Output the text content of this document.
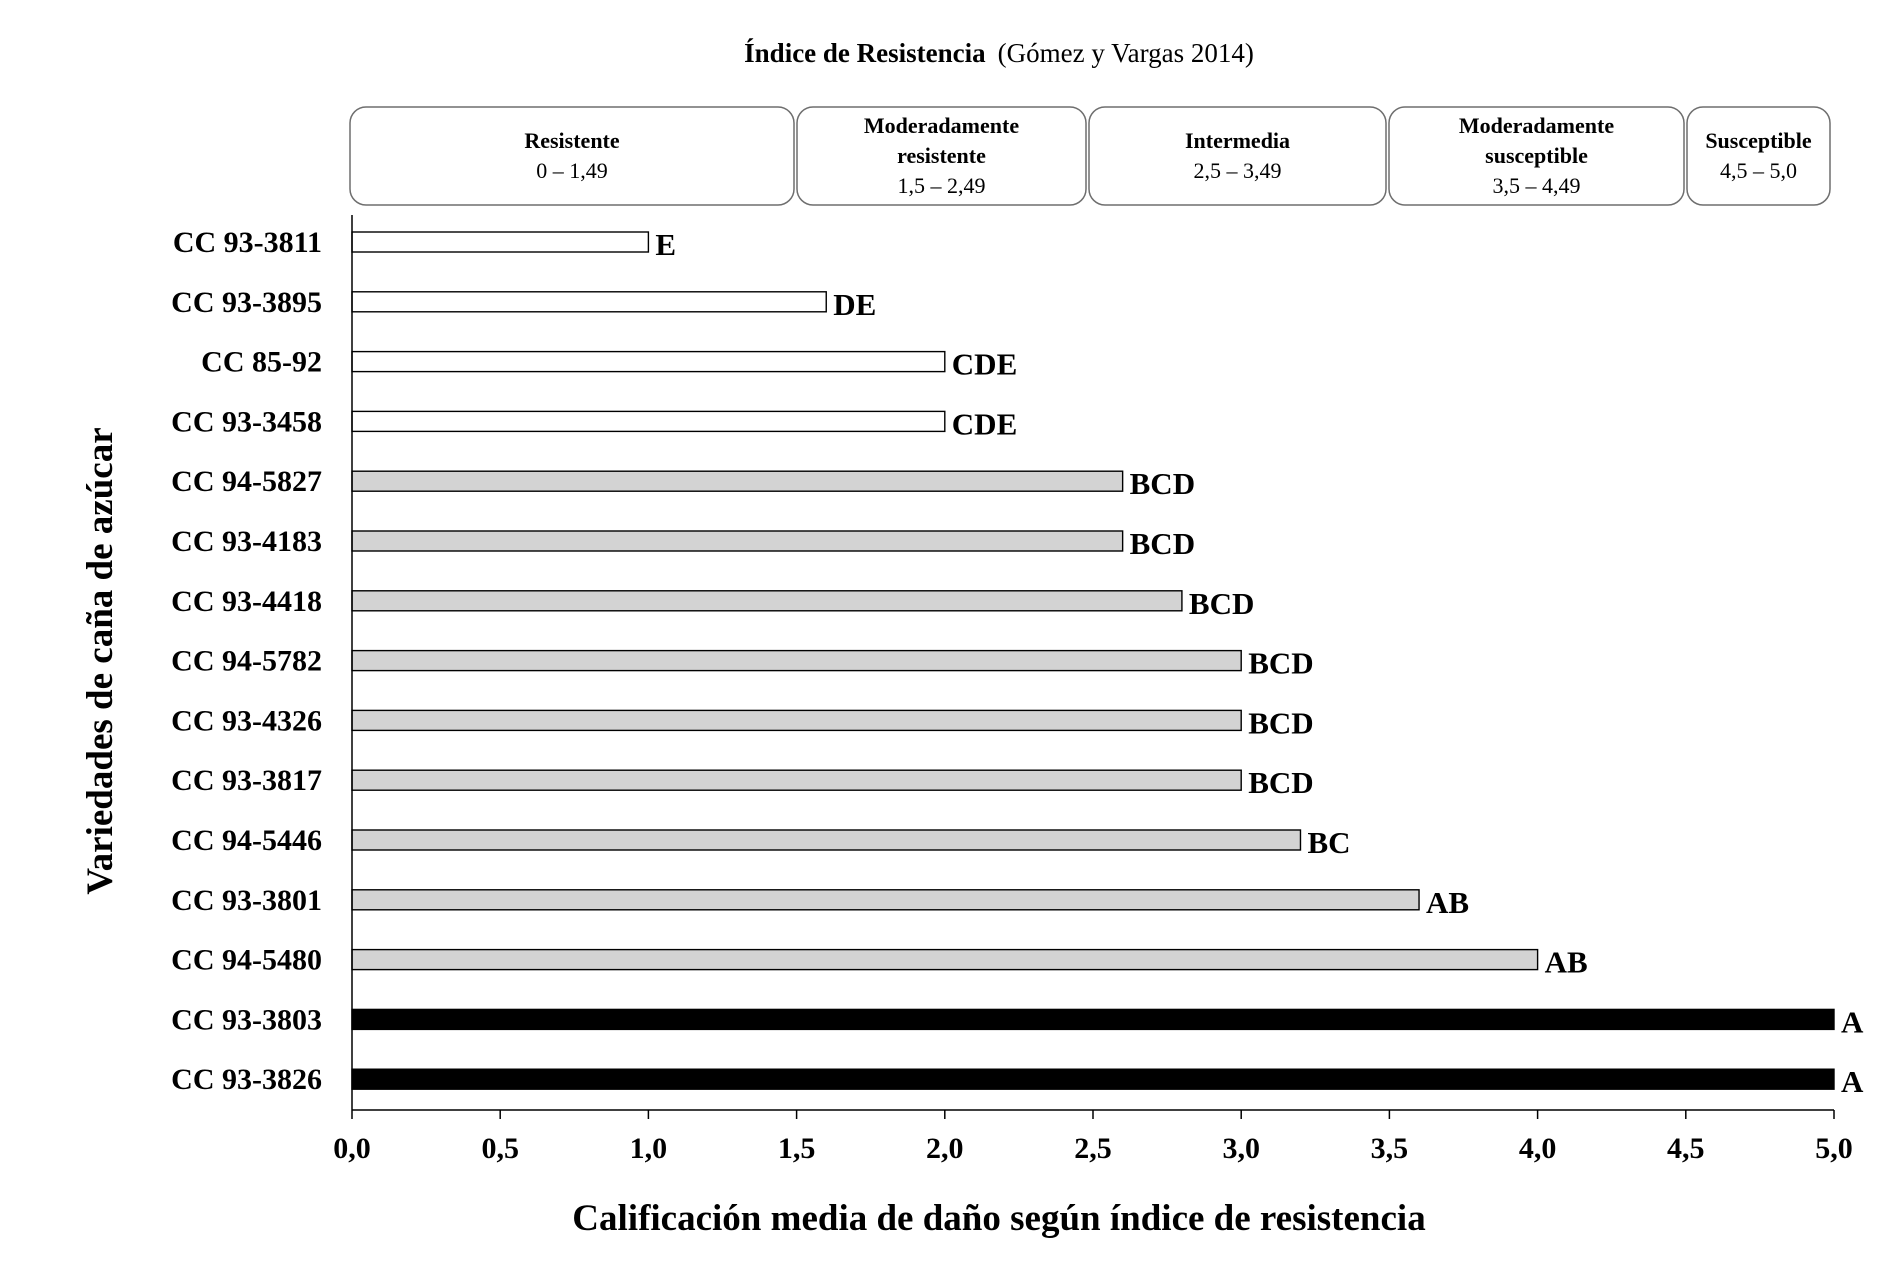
Índice de Resistencia (Gómez y Vargas 2014)
Resistente
0 – 1,49
Moderadamente
resistente
1,5 – 2,49
Intermedia
2,5 – 3,49
Moderadamente
susceptible
3,5 – 4,49
Susceptible
4,5 – 5,0
CC 93-3811	E
CC 93-3895	DE
CC 85-92	CDE
CC 93-3458	CDE
CC 94-5827	BCD
CC 93-4183	BCD
CC 93-4418	BCD
CC 94-5782	BCD
CC 93-4326	BCD
CC 93-3817	BCD
CC 94-5446	BC
CC 93-3801	AB
CC 94-5480	AB
CC 93-3803	A
CC 93-3826	A
0,0	0,5	1,0	1,5	2,0	2,5	3,0	3,5	4,0	4,5	5,0
Calificación media de daño según índice de resistencia
Variedades de caña de azúcar
